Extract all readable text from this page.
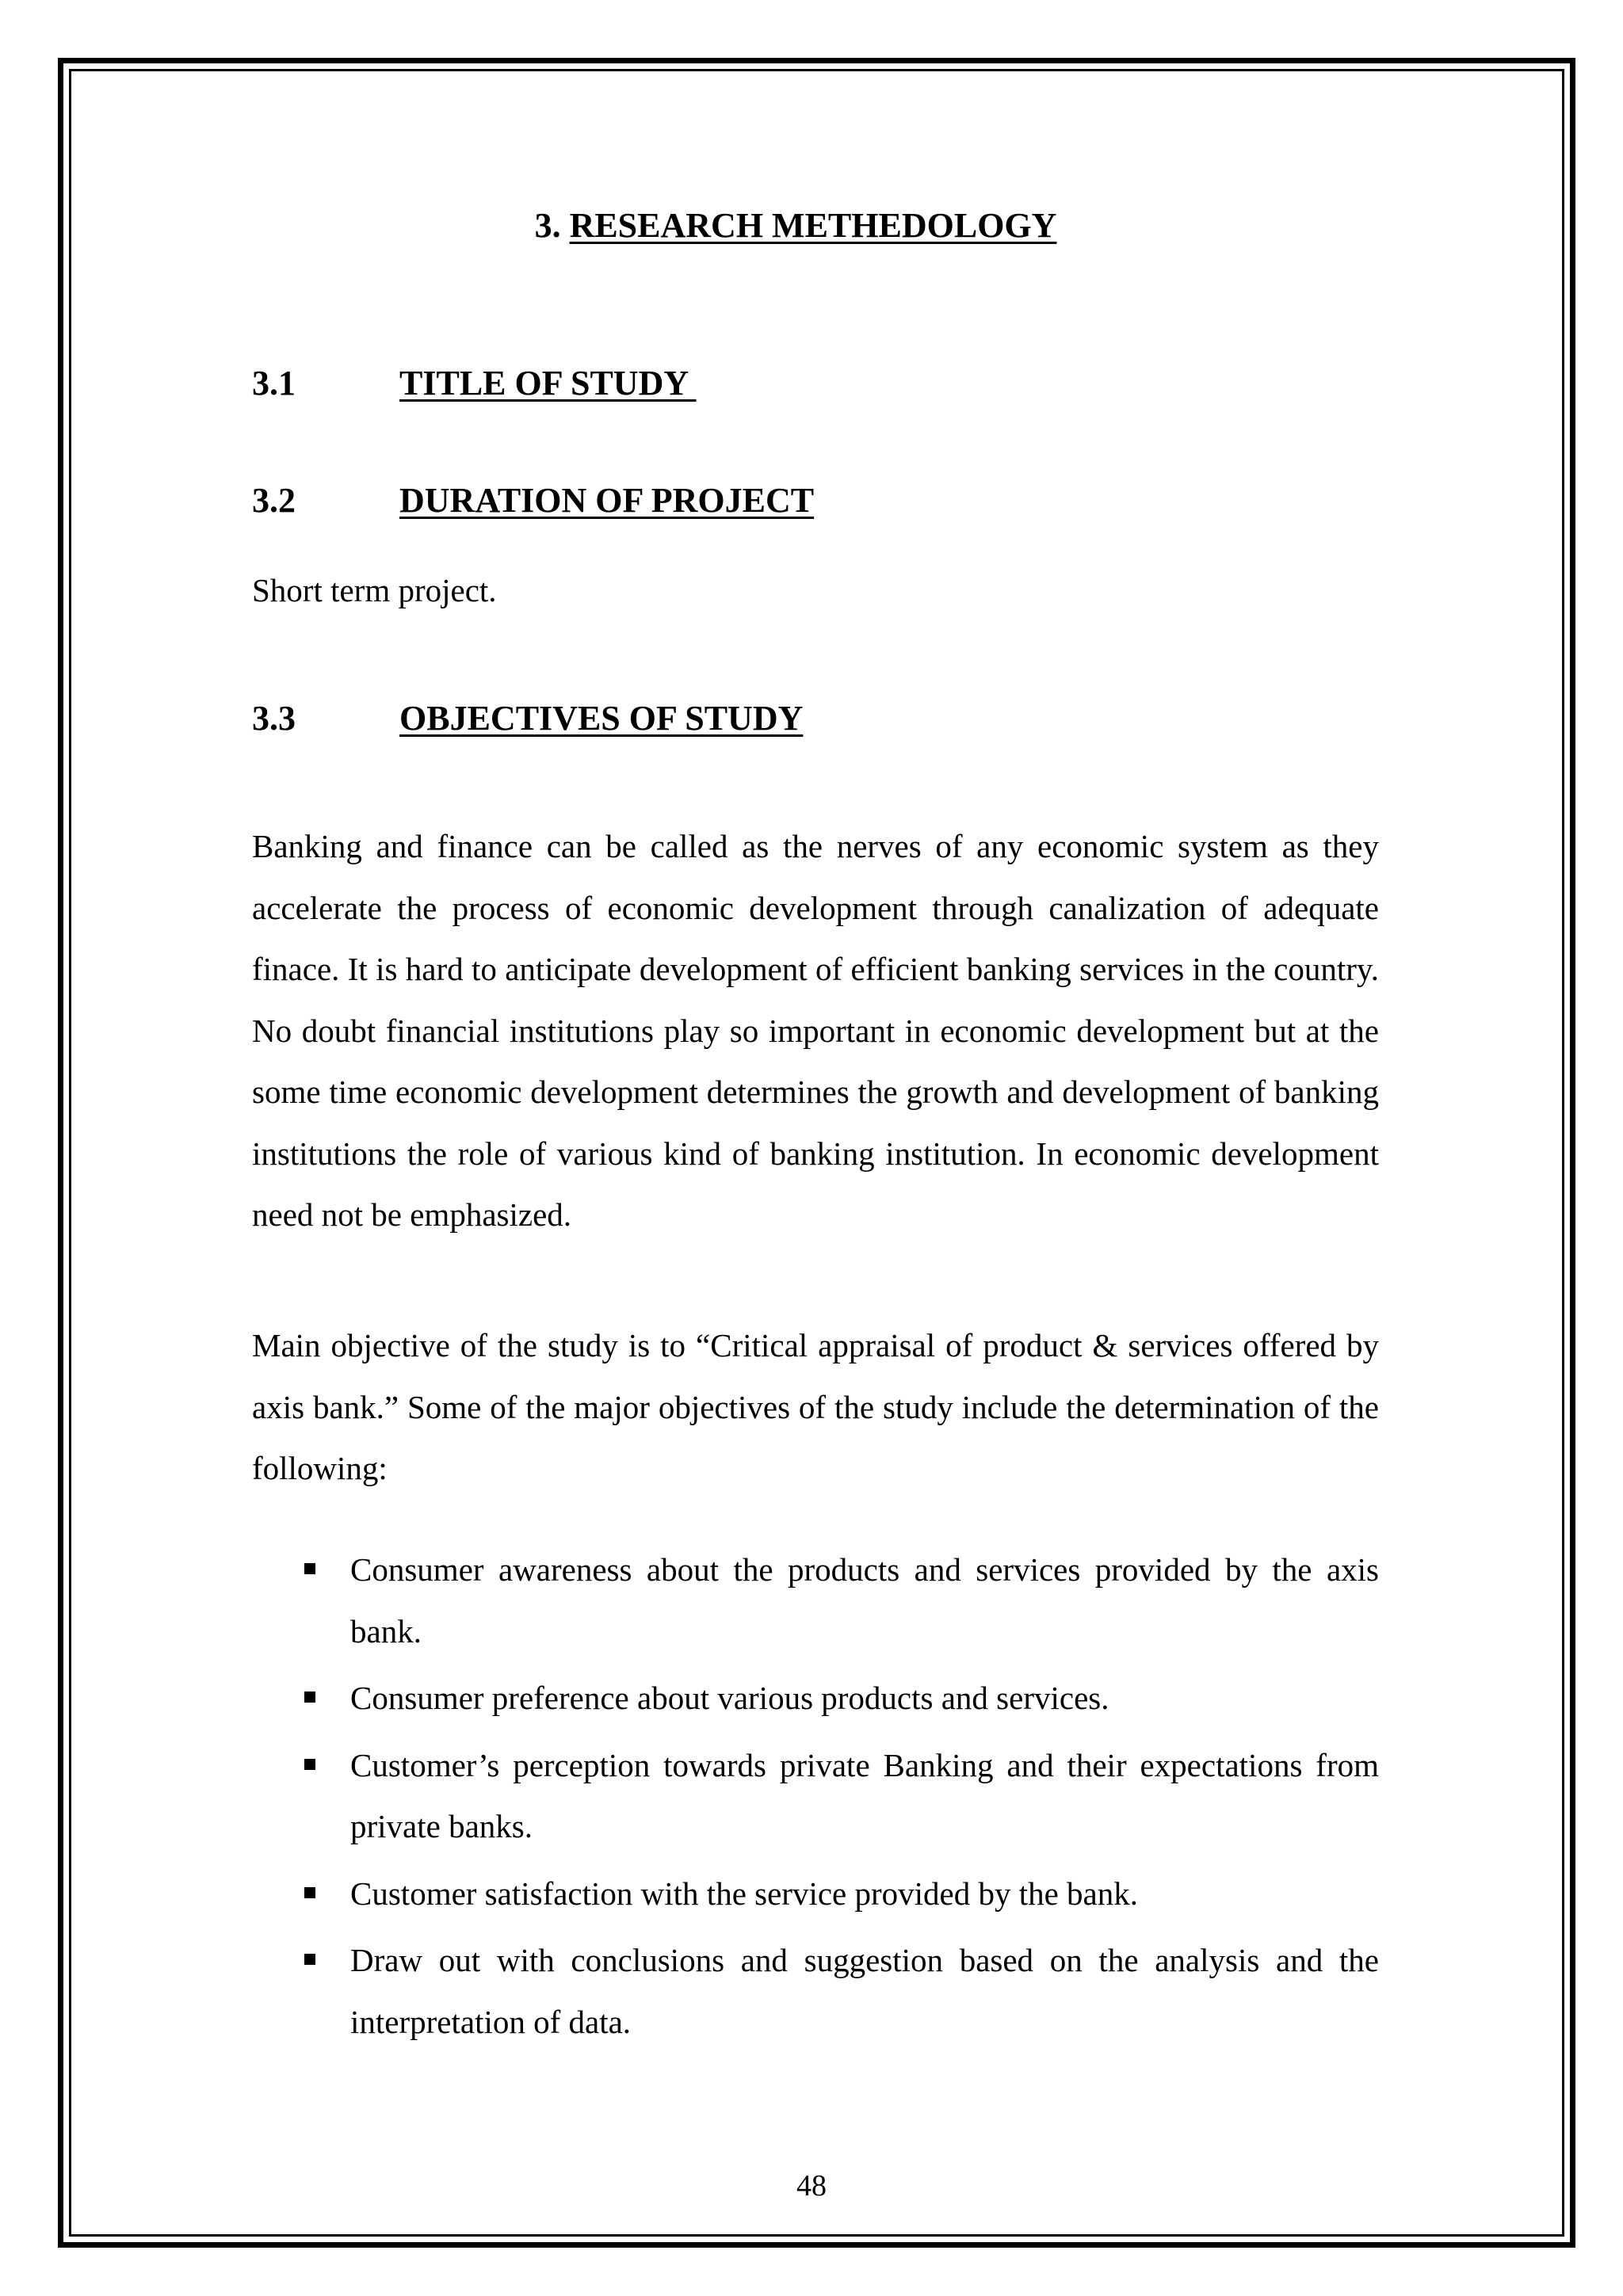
3. RESEARCH METHEDOLOGY
3.1	TITLE OF STUDY
3.2	DURATION OF PROJECT

Short term project.

3.3	OBJECTIVES OF STUDY

Banking and finance can be called as the nerves of any economic system as they accelerate the process of economic development through canalization of adequate finace. It is hard to anticipate development of efficient banking services in the country. No doubt financial institutions play so important in economic development but at the some time economic development determines the growth and development of banking institutions the role of various kind of banking institution. In economic development need not be emphasized.

Main objective of the study is to “Critical appraisal of product & services offered by axis bank.” Some of the major objectives of the study include the determination of the following:

Consumer awareness about the products and services provided by the axis bank.
Consumer preference about various products and services.
Customer’s perception towards private Banking and their expectations from private banks.
Customer satisfaction with the service provided by the bank.
Draw out with conclusions and suggestion based on the analysis and the interpretation of data.

48
